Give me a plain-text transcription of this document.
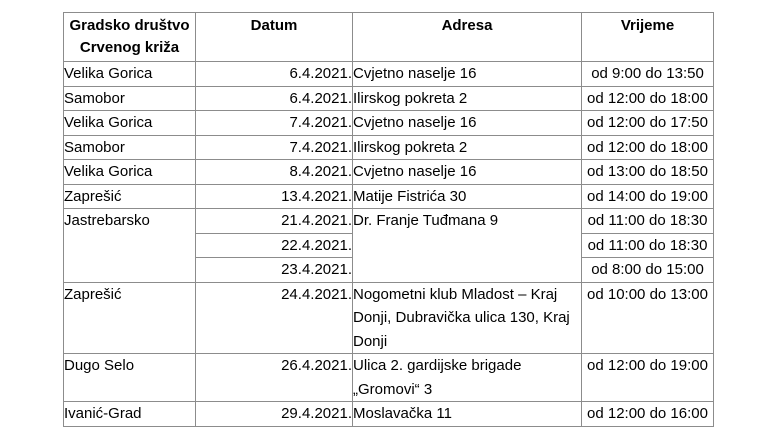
Gradsko društvo
Crvenog križa	Datum	Adresa	Vrijeme
Velika Gorica	6.4.2021.	Cvjetno naselje 16	od 9:00 do 13:50
Samobor	6.4.2021.	Ilirskog pokreta 2	od 12:00 do 18:00
Velika Gorica	7.4.2021.	Cvjetno naselje 16	od 12:00 do 17:50
Samobor	7.4.2021.	Ilirskog pokreta 2	od 12:00 do 18:00
Velika Gorica	8.4.2021.	Cvjetno naselje 16	od 13:00 do 18:50
Zaprešić	13.4.2021.	Matije Fistrića 30	od 14:00 do 19:00
Jastrebarsko	21.4.2021.	Dr. Franje Tuđmana 9	od 11:00 do 18:30
	22.4.2021.		od 11:00 do 18:30
	23.4.2021.		od 8:00 do 15:00
Zaprešić	24.4.2021.	Nogometni klub Mladost – Kraj Donji, Dubravička ulica 130, Kraj Donji	od 10:00 do 13:00
Dugo Selo	26.4.2021.	Ulica 2. gardijske brigade „Gromovi“ 3	od 12:00 do 19:00
Ivanić-Grad	29.4.2021.	Moslavačka 11	od 12:00 do 16:00
